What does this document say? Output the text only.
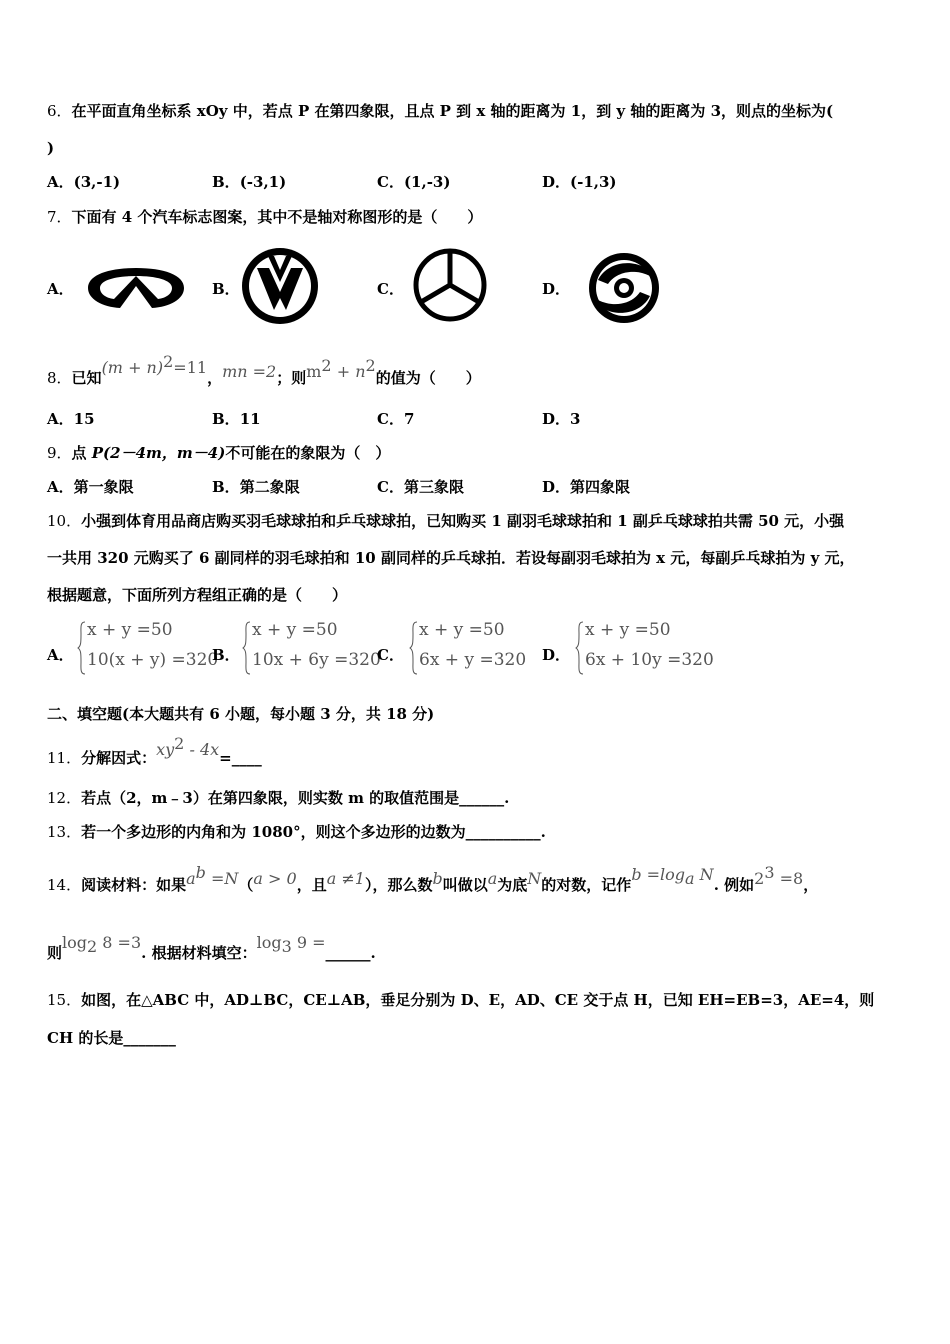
6．在平面直角坐标系 xOy 中，若点 P 在第四象限，且点 P 到 x 轴的距离为 1，到 y 轴的距离为 3，则点的坐标为(
)
A．(3,-1)	B．(-3,1)	C．(1,-3)	D．(-1,3)
7．下面有 4 个汽车标志图案，其中不是轴对称图形的是（　　）
A．	B．	C．	D．
8．已知$(m + n)^2=11$，mn =2；则$m^2 + n^2$的值为（　　）
A．15	B．11	C．7	D．3
9．点 P(2－4m，m－4)不可能在的象限为（　）
A．第一象限	B．第二象限	C．第三象限	D．第四象限
10．小强到体育用品商店购买羽毛球球拍和乒乓球球拍，已知购买 1 副羽毛球球拍和 1 副乒乓球球拍共需 50 元，小强
一共用 320 元购买了 6 副同样的羽毛球拍和 10 副同样的乒乓球拍．若设每副羽毛球拍为 x 元，每副乒乓球拍为 y 元，
根据题意，下面所列方程组正确的是（　　）
A．
x + y =50
10(x + y) =320
B．
x + y =50
10x + 6y =320
C．
x + y =50
6x + y =320 D．
x + y =50
6x + 10y =320
二、填空题(本大题共有 6 小题，每小题 3 分，共 18 分)
11．分解因式：$xy^2$ - 4x=____
12．若点（2，m﹣3）在第四象限，则实数 m 的取值范围是______.
13．若一个多边形的内角和为 1080°，则这个多边形的边数为__________.
14．阅读材料：如果$a^b =N(a > 0$，且a ≠1），那么数b叫做以a为底N的对数，记作$b =\log_a$ N. 例如$2^3 =8$，
则$\log_2 8 =3$. 根据材料填空：$\log_3 9$ =______.
15．如图，在△ABC 中，AD⊥BC，CE⊥AB，垂足分别为 D、E，AD、CE 交于点 H，已知 EH=EB=3，AE=4，则
CH 的长是_______
